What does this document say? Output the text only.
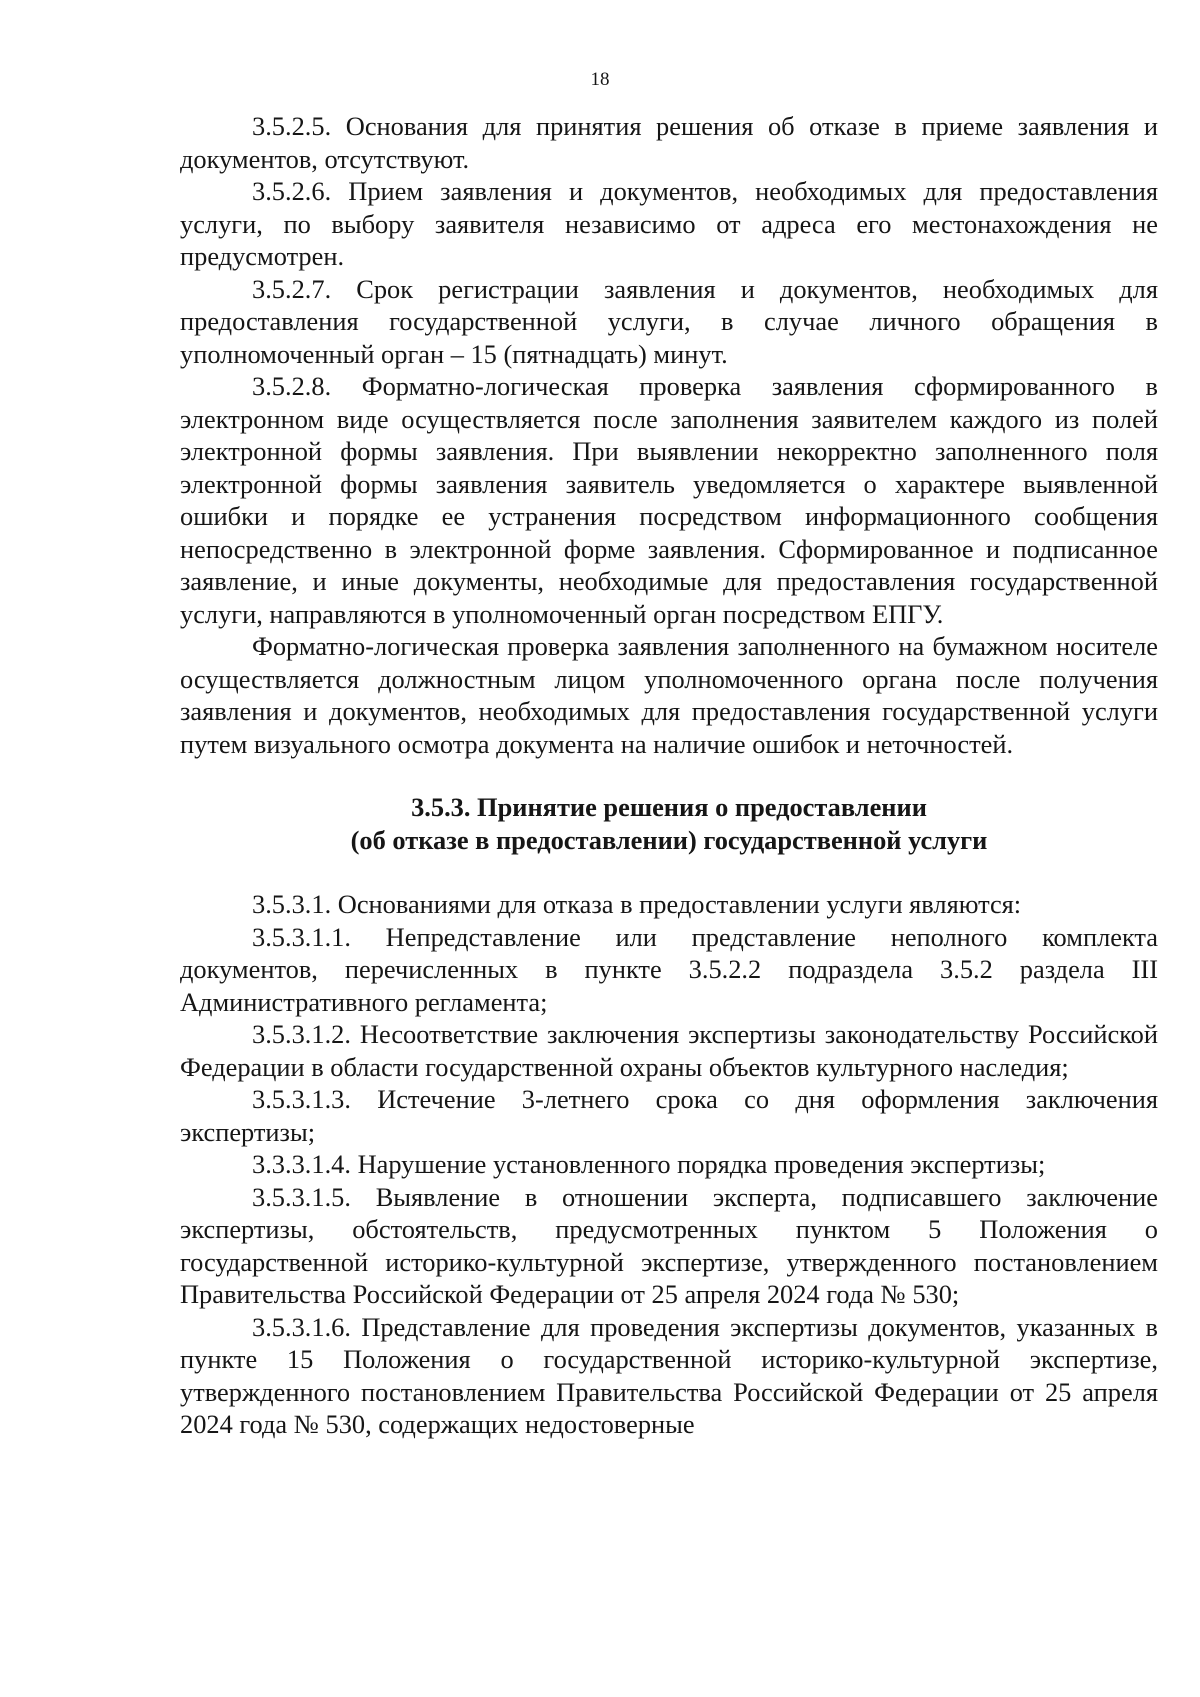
18

3.5.2.5. Основания для принятия решения об отказе в приеме заявления и документов, отсутствуют.

3.5.2.6. Прием заявления и документов, необходимых для предоставления услуги, по выбору заявителя независимо от адреса его местонахождения не предусмотрен.

3.5.2.7. Срок регистрации заявления и документов, необходимых для предоставления государственной услуги, в случае личного обращения в уполномоченный орган – 15 (пятнадцать) минут.

3.5.2.8. Форматно-логическая проверка заявления сформированного в электронном виде осуществляется после заполнения заявителем каждого из полей электронной формы заявления. При выявлении некорректно заполненного поля электронной формы заявления заявитель уведомляется о характере выявленной ошибки и порядке ее устранения посредством информационного сообщения непосредственно в электронной форме заявления. Сформированное и подписанное заявление, и иные документы, необходимые для предоставления государственной услуги, направляются в уполномоченный орган посредством ЕПГУ.

Форматно-логическая проверка заявления заполненного на бумажном носителе осуществляется должностным лицом уполномоченного органа после получения заявления и документов, необходимых для предоставления государственной услуги путем визуального осмотра документа на наличие ошибок и неточностей.

3.5.3. Принятие решения о предоставлении
(об отказе в предоставлении) государственной услуги

3.5.3.1. Основаниями для отказа в предоставлении услуги являются:

3.5.3.1.1. Непредставление или представление неполного комплекта документов, перечисленных в пункте 3.5.2.2 подраздела 3.5.2 раздела III Административного регламента;

3.5.3.1.2. Несоответствие заключения экспертизы законодательству Российской Федерации в области государственной охраны объектов культурного наследия;

3.5.3.1.3. Истечение 3-летнего срока со дня оформления заключения экспертизы;

3.3.3.1.4. Нарушение установленного порядка проведения экспертизы;

3.5.3.1.5. Выявление в отношении эксперта, подписавшего заключение экспертизы, обстоятельств, предусмотренных пунктом 5 Положения о государственной историко-культурной экспертизе, утвержденного постановлением Правительства Российской Федерации от 25 апреля 2024 года № 530;

3.5.3.1.6. Представление для проведения экспертизы документов, указанных в пункте 15 Положения о государственной историко-культурной экспертизе, утвержденного постановлением Правительства Российской Федерации от 25 апреля 2024 года № 530, содержащих недостоверные
